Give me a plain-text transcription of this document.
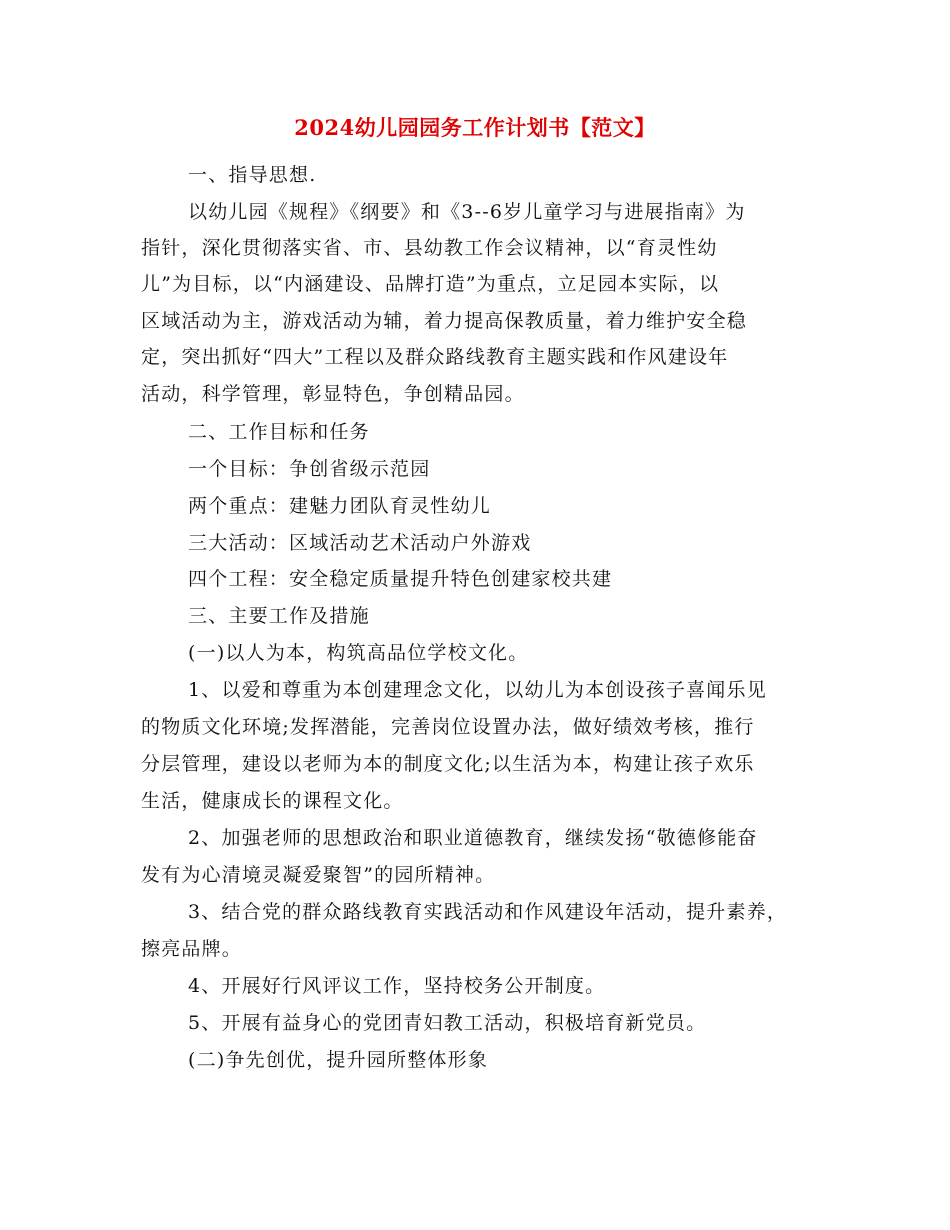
2024幼儿园园务工作计划书【范文】
一、指导思想.
以幼儿园《规程》《纲要》和《3--6岁儿童学习与进展指南》为
指针，深化贯彻落实省、市、县幼教工作会议精神，以“育灵性幼
儿”为目标，以“内涵建设、品牌打造”为重点，立足园本实际，以
区域活动为主，游戏活动为辅，着力提高保教质量，着力维护安全稳
定，突出抓好“四大”工程以及群众路线教育主题实践和作风建设年
活动，科学管理，彰显特色，争创精品园。
二、工作目标和任务
一个目标：争创省级示范园
两个重点：建魅力团队育灵性幼儿
三大活动：区域活动艺术活动户外游戏
四个工程：安全稳定质量提升特色创建家校共建
三、主要工作及措施
(一)以人为本，构筑高品位学校文化。
1、以爱和尊重为本创建理念文化，以幼儿为本创设孩子喜闻乐见
的物质文化环境;发挥潜能，完善岗位设置办法，做好绩效考核，推行
分层管理，建设以老师为本的制度文化;以生活为本，构建让孩子欢乐
生活，健康成长的课程文化。
2、加强老师的思想政治和职业道德教育，继续发扬“敬德修能奋
发有为心清境灵凝爱聚智”的园所精神。
3、结合党的群众路线教育实践活动和作风建设年活动，提升素养，
擦亮品牌。
4、开展好行风评议工作，坚持校务公开制度。
5、开展有益身心的党团青妇教工活动，积极培育新党员。
(二)争先创优，提升园所整体形象
